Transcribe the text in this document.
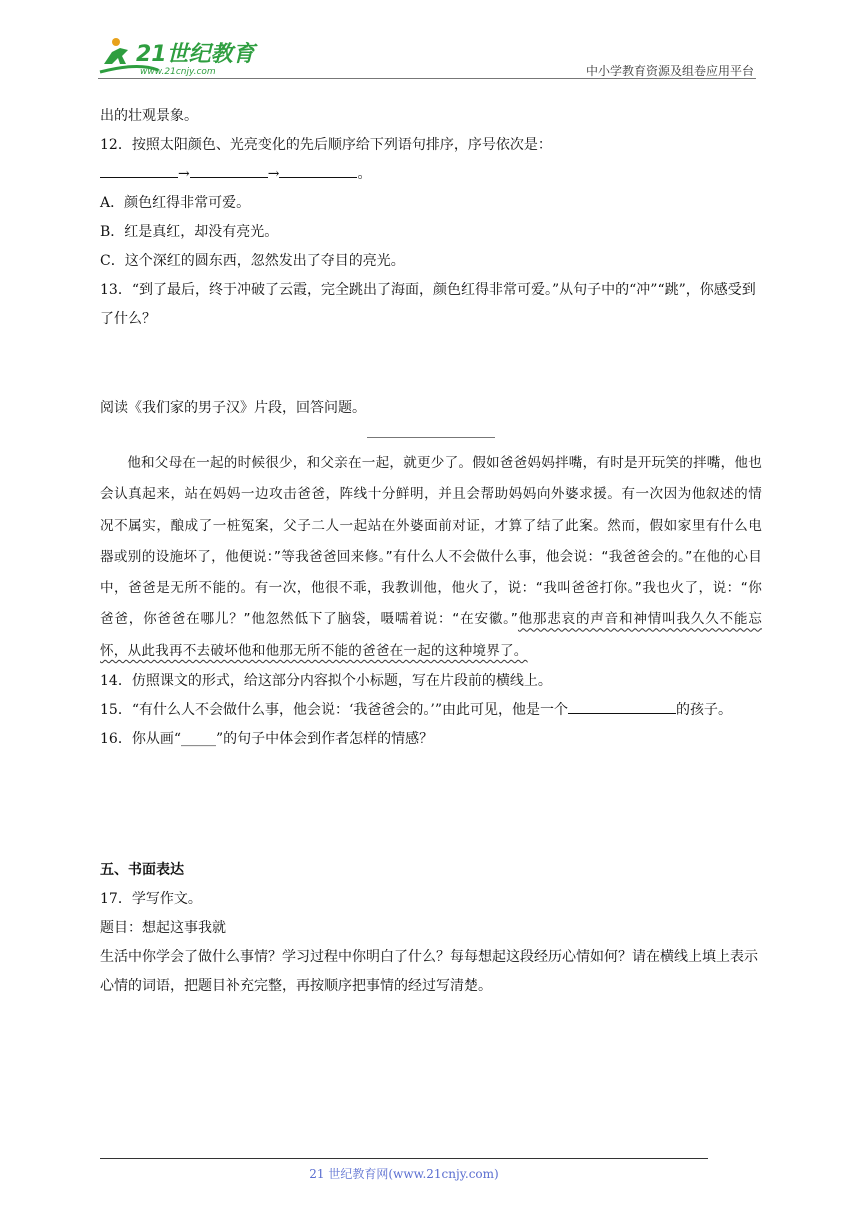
21世纪教育
www.21cnjy.com	中小学教育资源及组卷应用平台

出的壮观景象。

12．按照太阳颜色、光亮变化的先后顺序给下列语句排序，序号依次是：

→	→	。

A．颜色红得非常可爱。

B．红是真红，却没有亮光。

C．这个深红的圆东西，忽然发出了夺目的亮光。

13．“到了最后，终于冲破了云霞，完全跳出了海面，颜色红得非常可爱。”从句子中的“冲”“跳”，你感受到了什么？

阅读《我们家的男子汉》片段，回答问题。

他和父母在一起的时候很少，和父亲在一起，就更少了。假如爸爸妈妈拌嘴，有时是开玩笑的拌嘴，他也会认真起来，站在妈妈一边攻击爸爸，阵线十分鲜明，并且会帮助妈妈向外婆求援。有一次因为他叙述的情况不属实，酿成了一桩冤案，父子二人一起站在外婆面前对证，才算了结了此案。然而，假如家里有什么电器或别的设施坏了，他便说：”等我爸爸回来修。”有什么人不会做什么事，他会说：“我爸爸会的。”在他的心目中，爸爸是无所不能的。有一次，他很不乖，我教训他，他火了，说：“我叫爸爸打你。”我也火了，说：“你爸爸，你爸爸在哪儿？”他忽然低下了脑袋，嗫嚅着说：“在安徽。”他那悲哀的声音和神情叫我久久不能忘怀，从此我再不去破坏他和他那无所不能的爸爸在一起的这种境界了。

14．仿照课文的形式，给这部分内容拟个小标题，写在片段前的横线上。

15．“有什么人不会做什么事，他会说：‘我爸爸会的。’”由此可见，他是一个	的孩子。

16．你从画“_____”的句子中体会到作者怎样的情感？

五、书面表达

17．学写作文。

题目：想起这事我就

生活中你学会了做什么事情？学习过程中你明白了什么？每每想起这段经历心情如何？请在横线上填上表示心情的词语，把题目补充完整，再按顺序把事情的经过写清楚。

21 世纪教育网(www.21cnjy.com)
